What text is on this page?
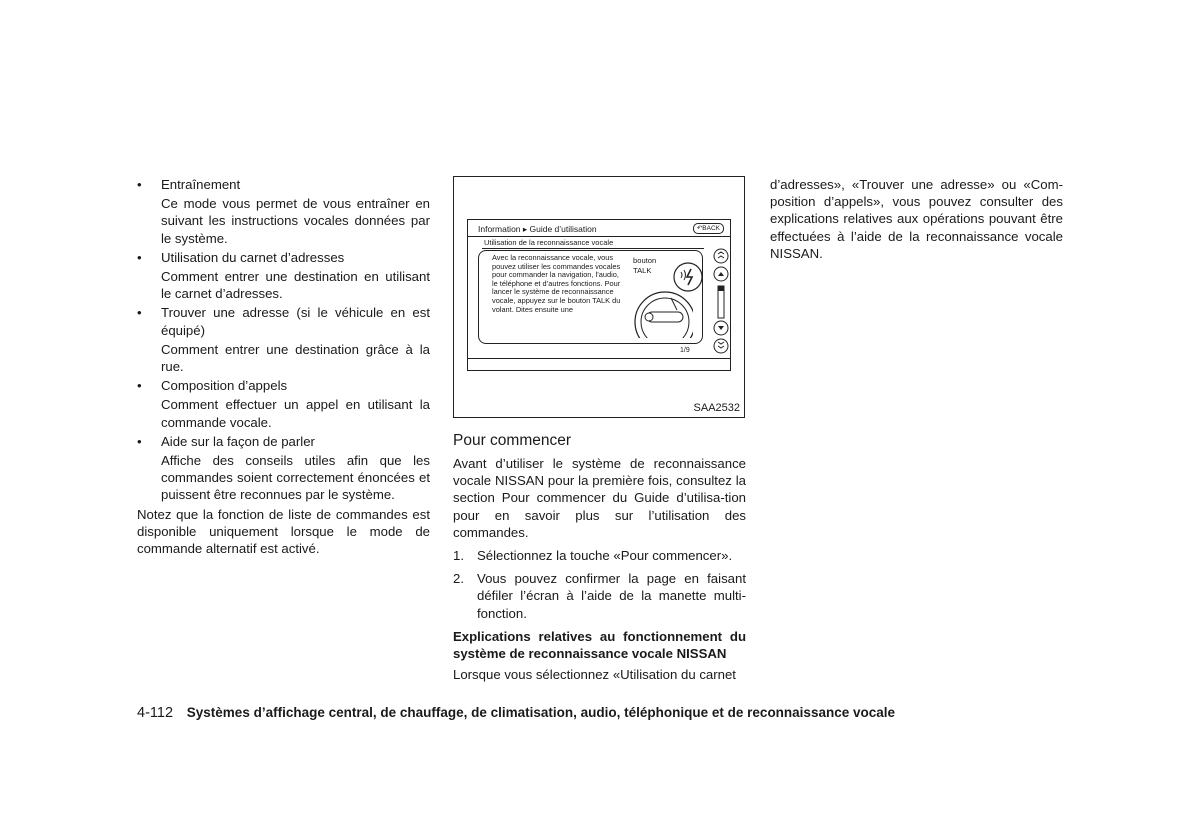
• Entraînement

Ce mode vous permet de vous entraîner en suivant les instructions vocales données par le système.

• Utilisation du carnet d’adresses

Comment entrer une destination en utilisant le carnet d’adresses.

• Trouver une adresse (si le véhicule en est équipé)

Comment entrer une destination grâce à la rue.

• Composition d’appels

Comment effectuer un appel en utilisant la commande vocale.

• Aide sur la façon de parler

Affiche des conseils utiles afin que les commandes soient correctement énoncées et puissent être reconnues par le système.

Notez que la fonction de liste de commandes est disponible uniquement lorsque le mode de commande alternatif est activé.

Information ▸ Guide d’utilisation	↶BACK
Utilisation de la reconnaissance vocale
Avec la reconnaissance vocale, vous pouvez utiliser les commandes vocales pour commander la navigation, l’audio, le téléphone et d’autres fonctions. Pour lancer le système de reconnaissance vocale, appuyez sur le bouton TALK du volant. Dites ensuite une
bouton
TALK
1/9
SAA2532
Pour commencer

Avant d’utiliser le système de reconnaissance vocale NISSAN pour la première fois, consultez la section Pour commencer du Guide d’utilisa-tion pour en savoir plus sur l’utilisation des commandes.

1. Sélectionnez la touche «Pour commencer».
2. Vous pouvez confirmer la page en faisant défiler l’écran à l’aide de la manette multi-fonction.
Explications relatives au fonctionnement du système de reconnaissance vocale NISSAN

Lorsque vous sélectionnez «Utilisation du carnet

d’adresses», «Trouver une adresse» ou «Com-position d’appels», vous pouvez consulter des explications relatives aux opérations pouvant être effectuées à l’aide de la reconnaissance vocale NISSAN.

4-112 Systèmes d’affichage central, de chauffage, de climatisation, audio, téléphonique et de reconnaissance vocale
